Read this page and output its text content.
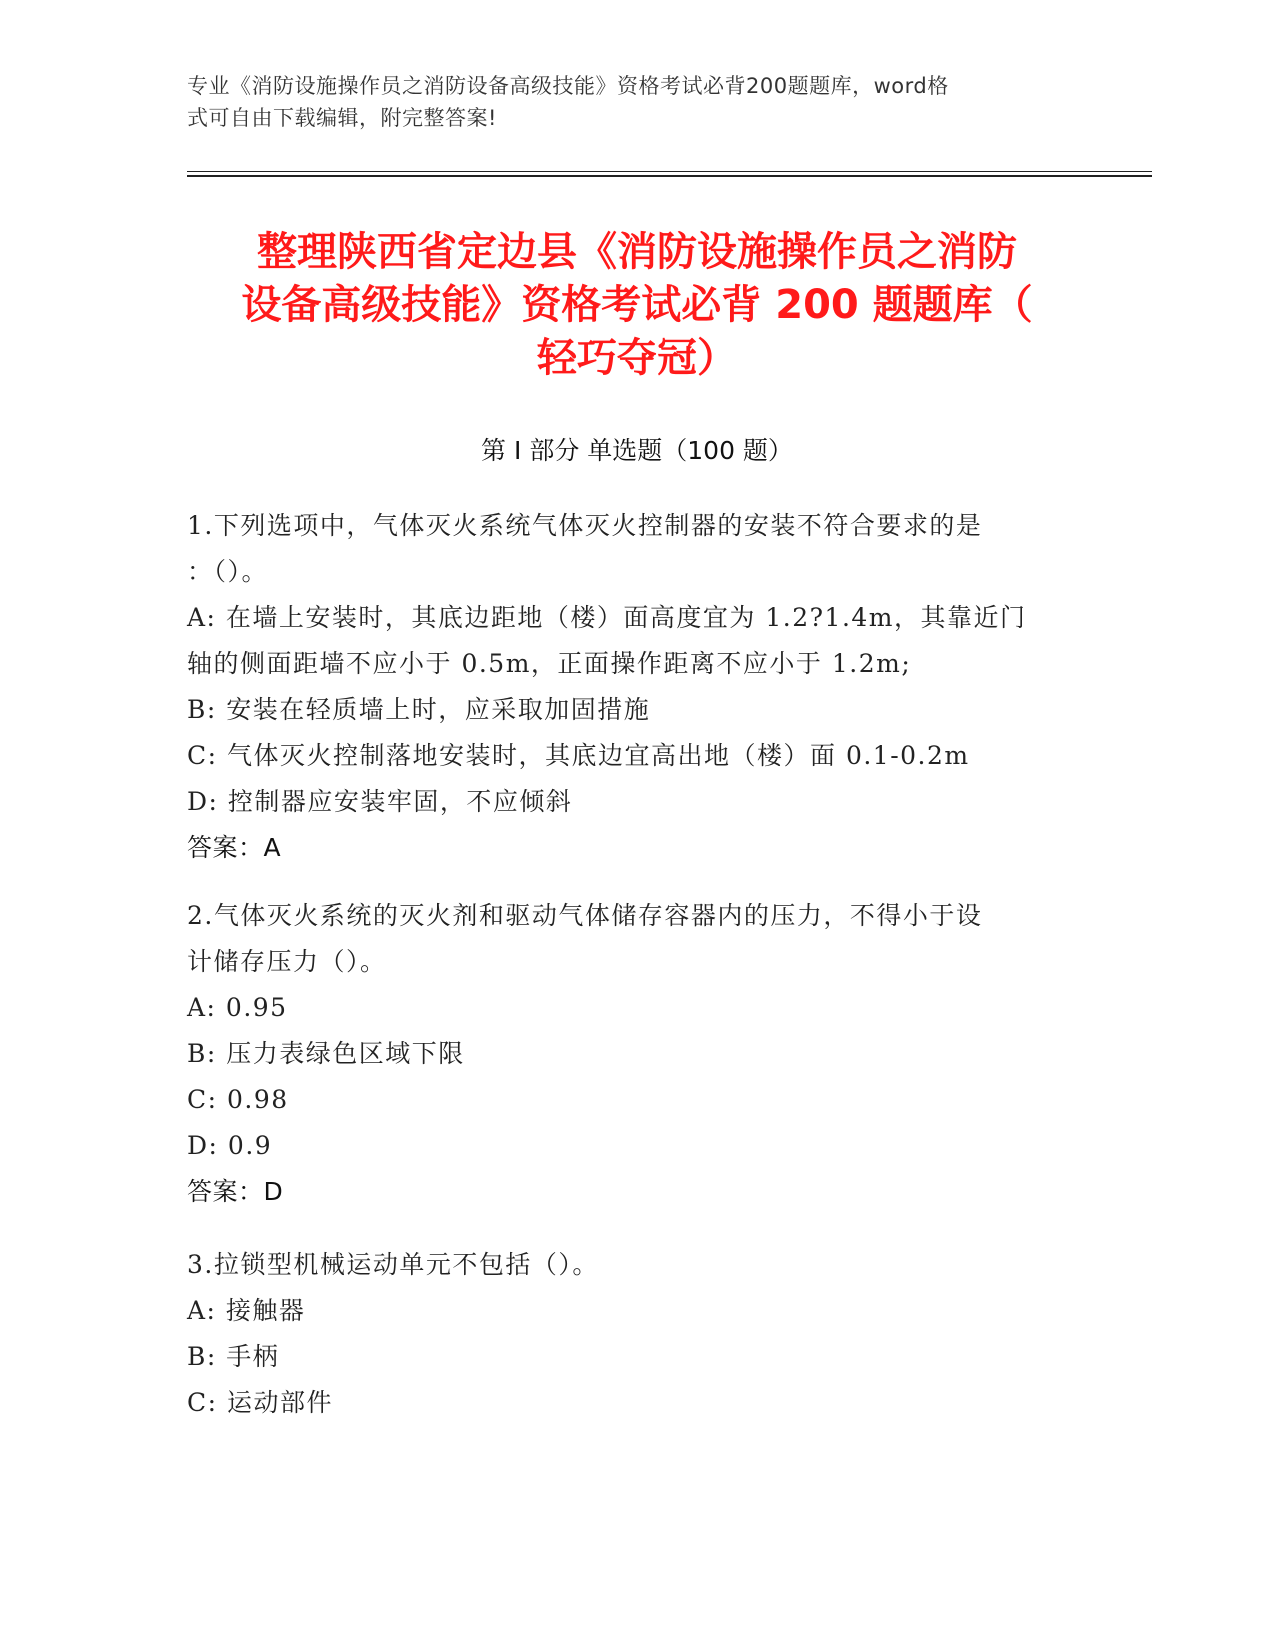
专业《消防设施操作员之消防设备高级技能》资格考试必背200题题库，word格
式可自由下载编辑，附完整答案!
整理陕西省定边县《消防设施操作员之消防
设备高级技能》资格考试必背 200 题题库（
轻巧夺冠）
第 I 部分 单选题（100 题）
1.下列选项中，气体灭火系统气体灭火控制器的安装不符合要求的是
：（）。
A: 在墙上安装时，其底边距地（楼）面高度宜为 1.2?1.4m，其靠近门
轴的侧面距墙不应小于 0.5m，正面操作距离不应小于 1.2m;
B: 安装在轻质墙上时，应采取加固措施
C: 气体灭火控制落地安装时，其底边宜高出地（楼）面 0.1-0.2m
D: 控制器应安装牢固，不应倾斜
答案：A
2.气体灭火系统的灭火剂和驱动气体储存容器内的压力，不得小于设
计储存压力（）。
A: 0.95
B: 压力表绿色区域下限
C: 0.98
D: 0.9
答案：D
3.拉锁型机械运动单元不包括（）。
A: 接触器
B: 手柄
C: 运动部件
